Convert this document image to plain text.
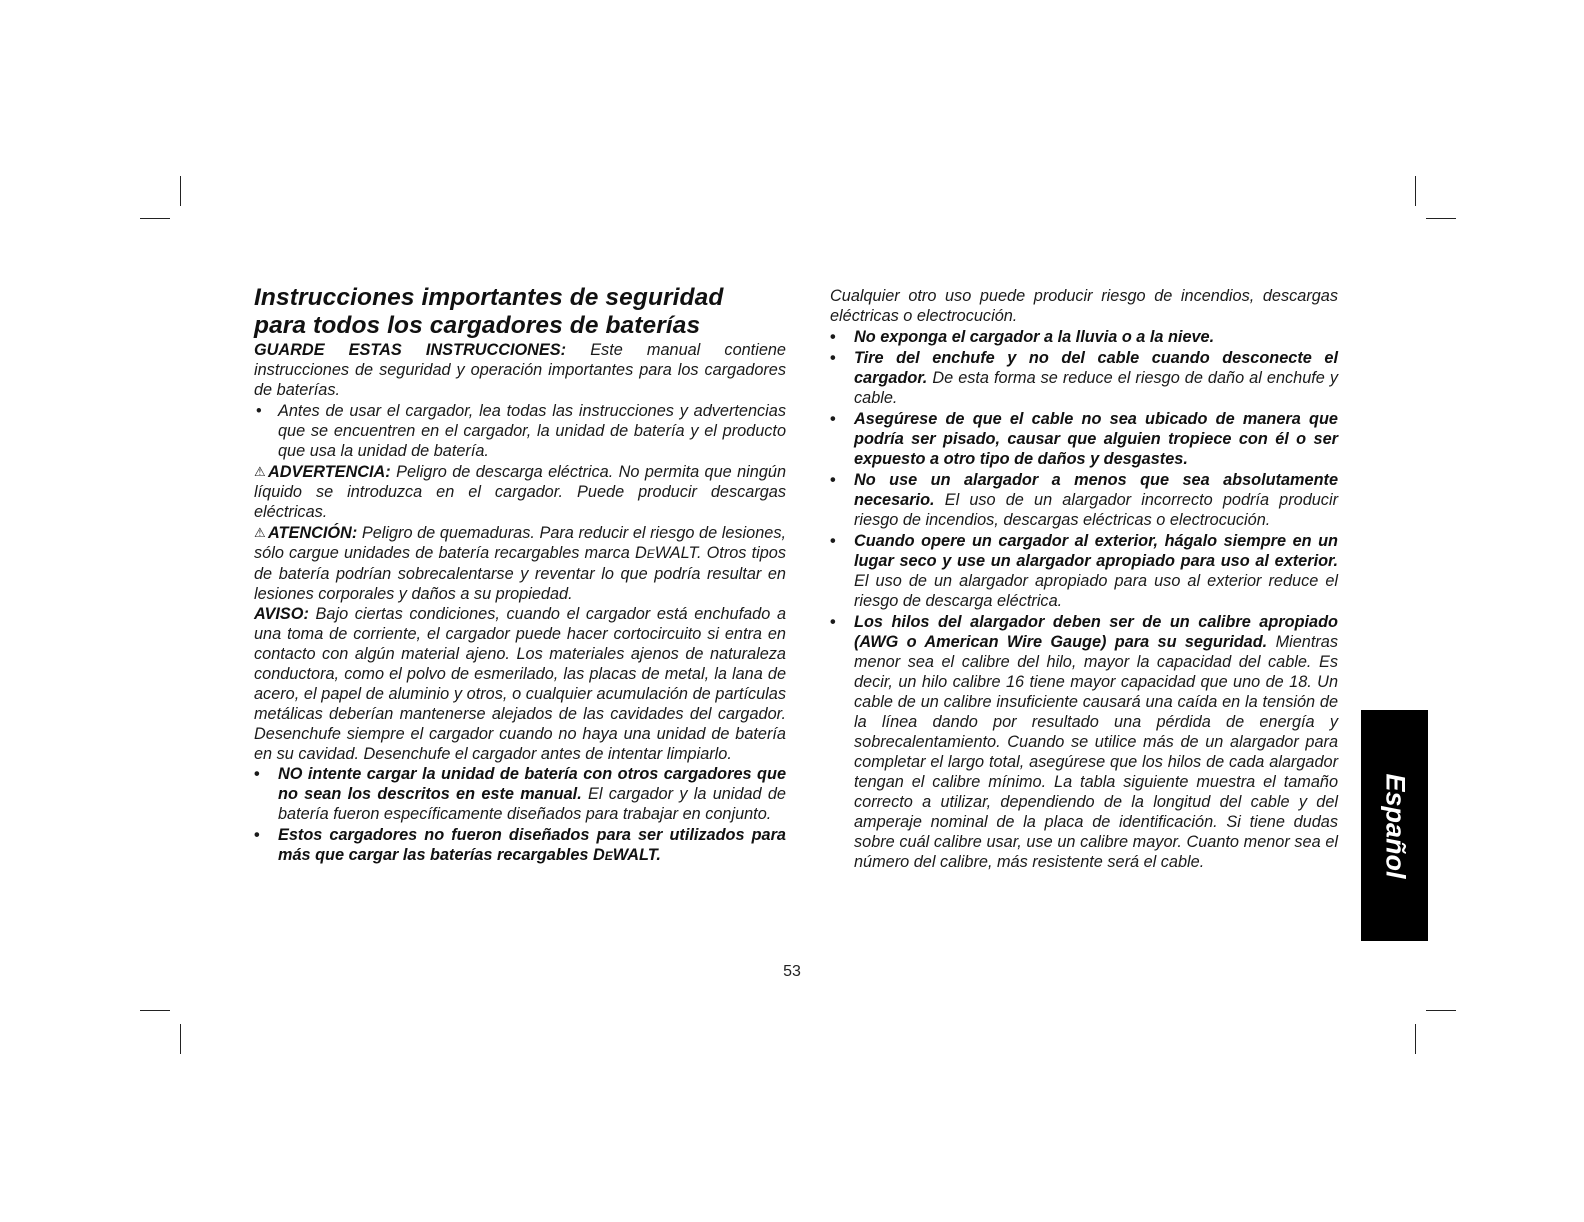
Instrucciones importantes de seguridad
para todos los cargadores de baterías

GUARDE ESTAS INSTRUCCIONES: Este manual contiene instrucciones de seguridad y operación importantes para los cargadores de baterías.

• Antes de usar el cargador, lea todas las instrucciones y advertencias que se encuentren en el cargador, la unidad de batería y el producto que usa la unidad de batería.

⚠ ADVERTENCIA: Peligro de descarga eléctrica. No permita que ningún líquido se introduzca en el cargador. Puede producir descargas eléctricas.

⚠ ATENCIÓN: Peligro de quemaduras. Para reducir el riesgo de lesiones, sólo cargue unidades de batería recargables marca DEWALT. Otros tipos de batería podrían sobrecalentarse y reventar lo que podría resultar en lesiones corporales y daños a su propiedad.

AVISO: Bajo ciertas condiciones, cuando el cargador está enchufado a una toma de corriente, el cargador puede hacer cortocircuito si entra en contacto con algún material ajeno. Los materiales ajenos de naturaleza conductora, como el polvo de esmerilado, las placas de metal, la lana de acero, el papel de aluminio y otros, o cualquier acumulación de partículas metálicas deberían mantenerse alejados de las cavidades del cargador. Desenchufe siempre el cargador cuando no haya una unidad de batería en su cavidad. Desenchufe el cargador antes de intentar limpiarlo.

• NO intente cargar la unidad de batería con otros cargadores que no sean los descritos en este manual. El cargador y la unidad de batería fueron específicamente diseñados para trabajar en conjunto.
• Estos cargadores no fueron diseñados para ser utilizados para más que cargar las baterías recargables DEWALT.

Cualquier otro uso puede producir riesgo de incendios, descargas eléctricas o electrocución.

• No exponga el cargador a la lluvia o a la nieve.
• Tire del enchufe y no del cable cuando desconecte el cargador. De esta forma se reduce el riesgo de daño al enchufe y cable.
• Asegúrese de que el cable no sea ubicado de manera que podría ser pisado, causar que alguien tropiece con él o ser expuesto a otro tipo de daños y desgastes.
• No use un alargador a menos que sea absolutamente necesario. El uso de un alargador incorrecto podría producir riesgo de incendios, descargas eléctricas o electrocución.
• Cuando opere un cargador al exterior, hágalo siempre en un lugar seco y use un alargador apropiado para uso al exterior. El uso de un alargador apropiado para uso al exterior reduce el riesgo de descarga eléctrica.
• Los hilos del alargador deben ser de un calibre apropiado (AWG o American Wire Gauge) para su seguridad. Mientras menor sea el calibre del hilo, mayor la capacidad del cable. Es decir, un hilo calibre 16 tiene mayor capacidad que uno de 18. Un cable de un calibre insuficiente causará una caída en la tensión de la línea dando por resultado una pérdida de energía y sobrecalentamiento. Cuando se utilice más de un alargador para completar el largo total, asegúrese que los hilos de cada alargador tengan el calibre mínimo. La tabla siguiente muestra el tamaño correcto a utilizar, dependiendo de la longitud del cable y del amperaje nominal de la placa de identificación. Si tiene dudas sobre cuál calibre usar, use un calibre mayor. Cuanto menor sea el número del calibre, más resistente será el cable.	Español
53
